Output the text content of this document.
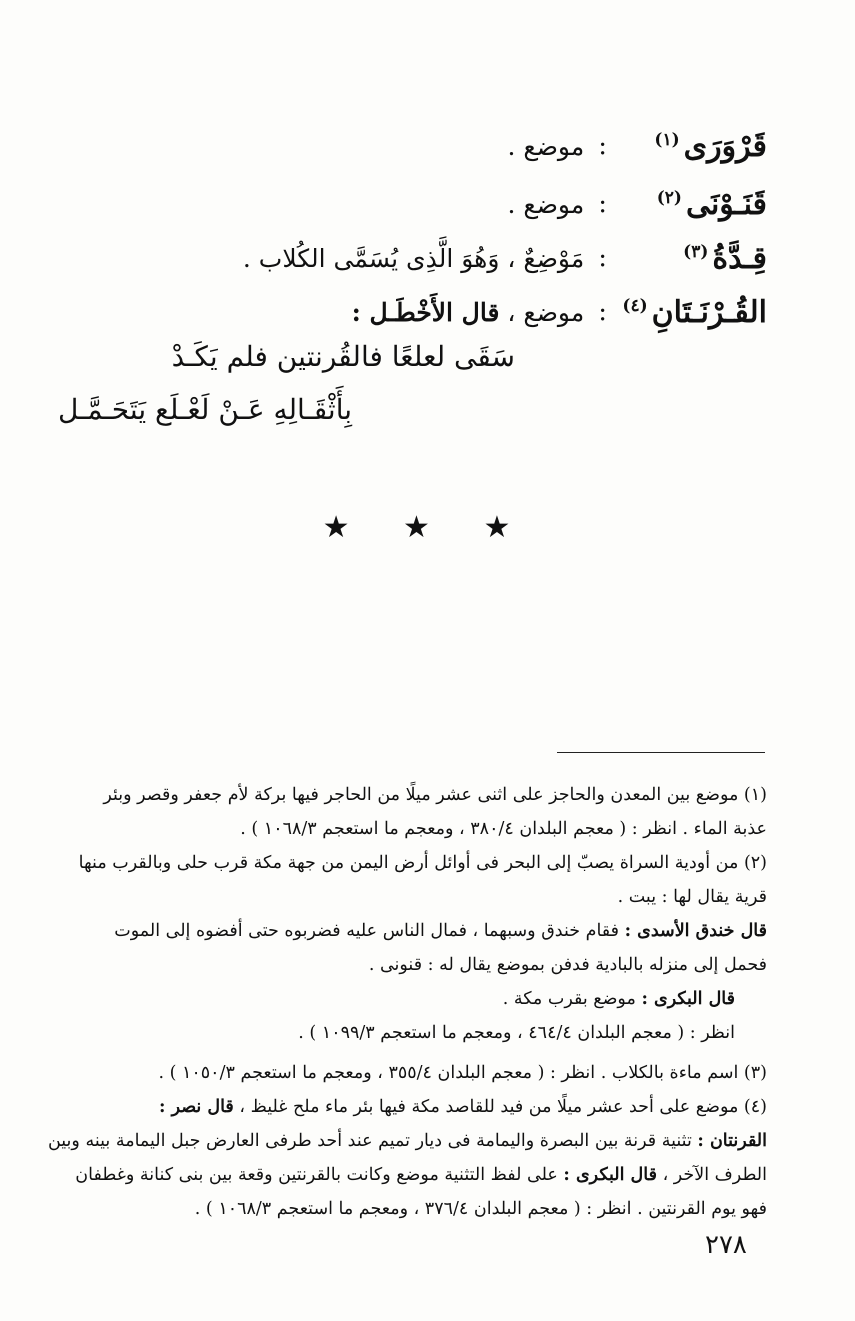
قَرْوَرَى$^{(١)}$
:
موضع .
قَنَـوْنَى$^{(٢)}$
:
موضع .
قِـدَّةُ$^{(٣)}$
:
مَوْضِعٌ ، وَهُوَ الَّذِى يُسَمَّى الكُلاب .
القُـرْنَـتَانِ$^{(٤)}$
:
موضع ، قال الأَخْطَـل :
سَقَى لعلعًا فالقُرنتين فلم يَكَـدْ
بِأَثْقَـالِهِ عَـنْ لَعْـلَع يَتَحَـمَّـل
★ ★ ★
(١) موضع بين المعدن والحاجز على اثنى عشر ميلًا من الحاجر فيها بركة لأم جعفر وقصر وبئر
عذبة الماء . انظر : ( معجم البلدان ٣٨٠/٤ ، ومعجم ما استعجم ١٠٦٨/٣ ) .
(٢) من أودية السراة يصبّ إلى البحر فى أوائل أرض اليمن من جهة مكة قرب حلى وبالقرب منها
قرية يقال لها : يبت .
قال خندق الأسدى : فقام خندق وسبهما ، فمال الناس عليه فضربوه حتى أفضوه إلى الموت
فحمل إلى منزله بالبادية فدفن بموضع يقال له : قنونى .
قال البكرى : موضع بقرب مكة .
انظر : ( معجم البلدان ٤٦٤/٤ ، ومعجم ما استعجم ١٠٩٩/٣ ) .
(٣) اسم ماءة بالكلاب . انظر : ( معجم البلدان ٣٥٥/٤ ، ومعجم ما استعجم ١٠٥٠/٣ ) .
(٤) موضع على أحد عشر ميلًا من فيد للقاصد مكة فيها بئر ماء ملح غليظ ، قال نصر :
القرنتان : تثنية قرنة بين البصرة واليمامة فى ديار تميم عند أحد طرفى العارض جبل اليمامة بينه وبين
الطرف الآخر ، قال البكرى : على لفظ التثنية موضع وكانت بالقرنتين وقعة بين بنى كنانة وغطفان
فهو يوم القرنتين . انظر : ( معجم البلدان ٣٧٦/٤ ، ومعجم ما استعجم ١٠٦٨/٣ ) .
٢٧٨
